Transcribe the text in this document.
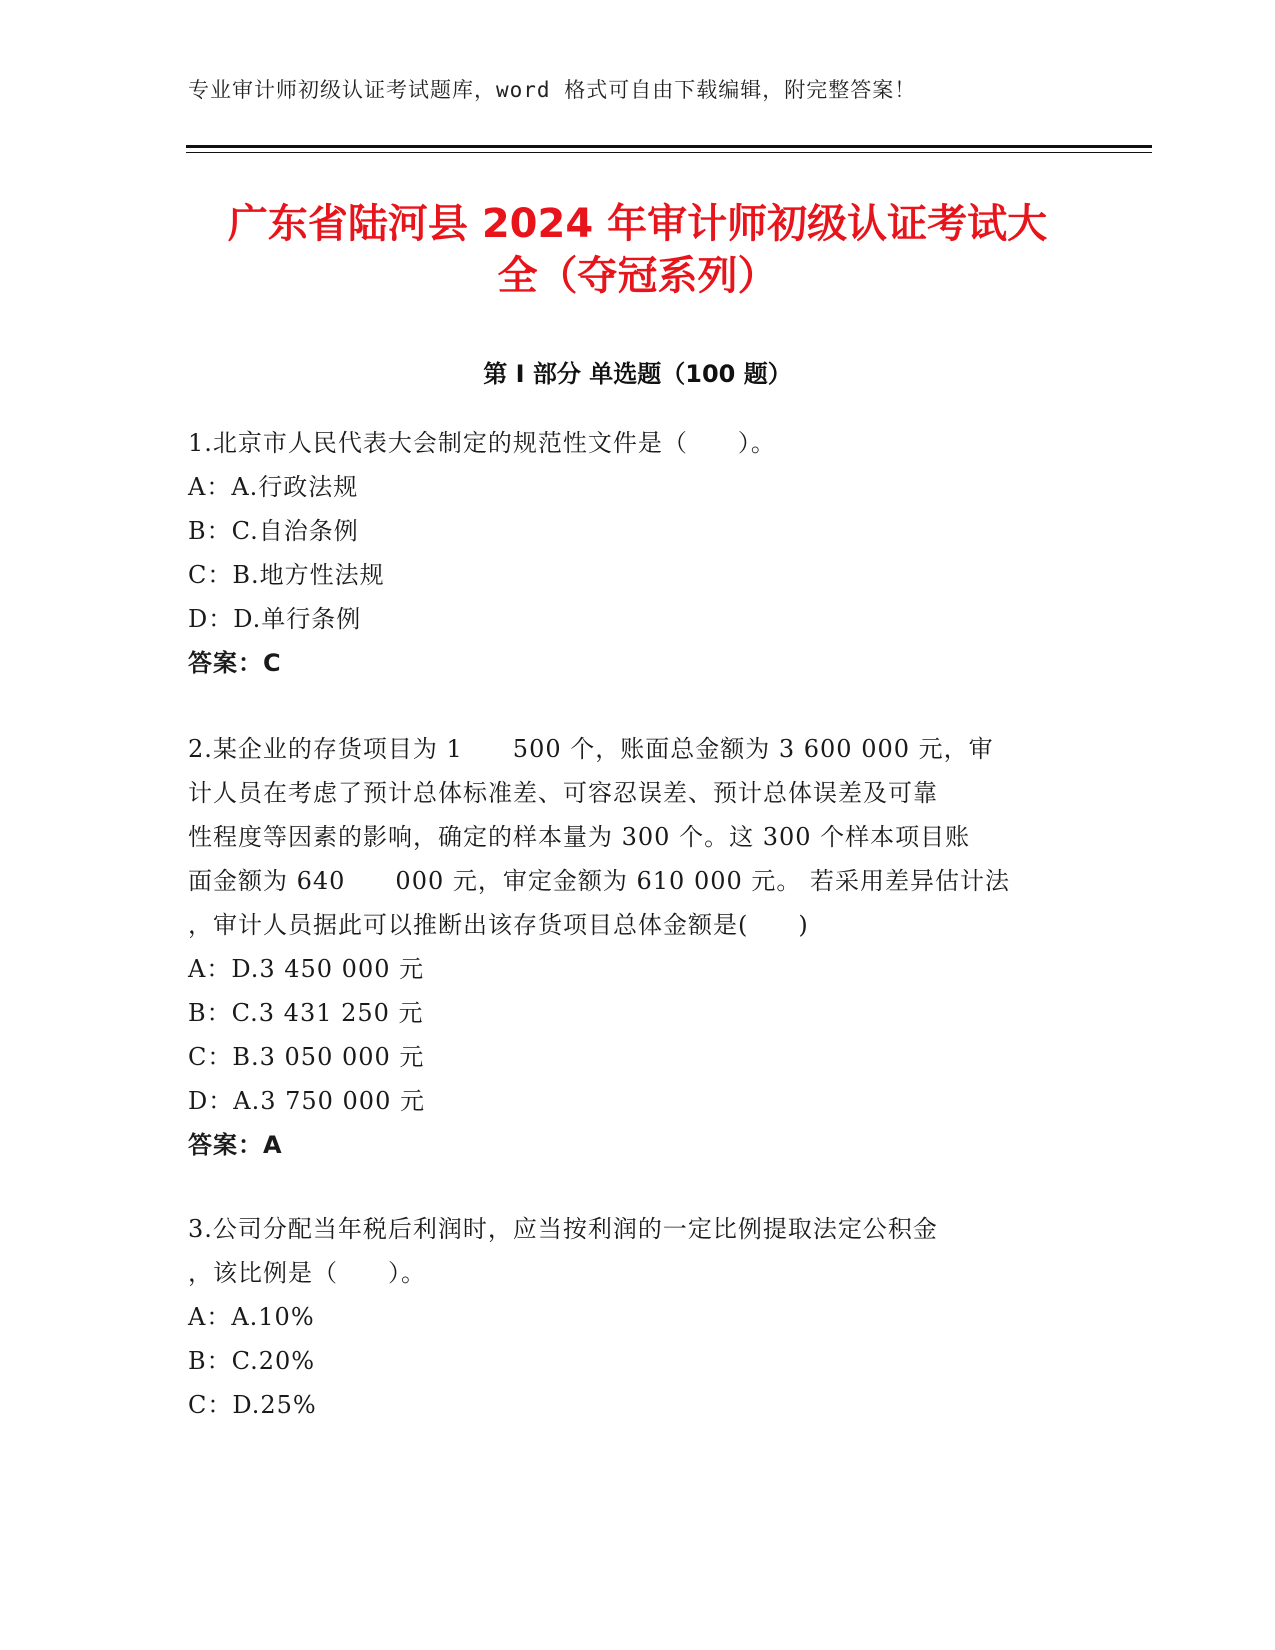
专业审计师初级认证考试题库，word 格式可自由下载编辑，附完整答案！
广东省陆河县 2024 年审计师初级认证考试大
全（夺冠系列）
第 I 部分 单选题（100 题）
1.北京市人民代表大会制定的规范性文件是（　　）。
A：A.行政法规
B：C.自治条例
C：B.地方性法规
D：D.单行条例
答案：C
2.某企业的存货项目为 1　　500 个，账面总金额为 3 600 000 元，审
计人员在考虑了预计总体标准差、可容忍误差、预计总体误差及可靠
性程度等因素的影响，确定的样本量为 300 个。这 300 个样本项目账
面金额为 640　　000 元，审定金额为 610 000 元。 若采用差异估计法
，审计人员据此可以推断出该存货项目总体金额是(　　)
A：D.3 450 000 元
B：C.3 431 250 元
C：B.3 050 000 元
D：A.3 750 000 元
答案：A
3.公司分配当年税后利润时，应当按利润的一定比例提取法定公积金
，该比例是（　　）。
A：A.10%
B：C.20%
C：D.25%
